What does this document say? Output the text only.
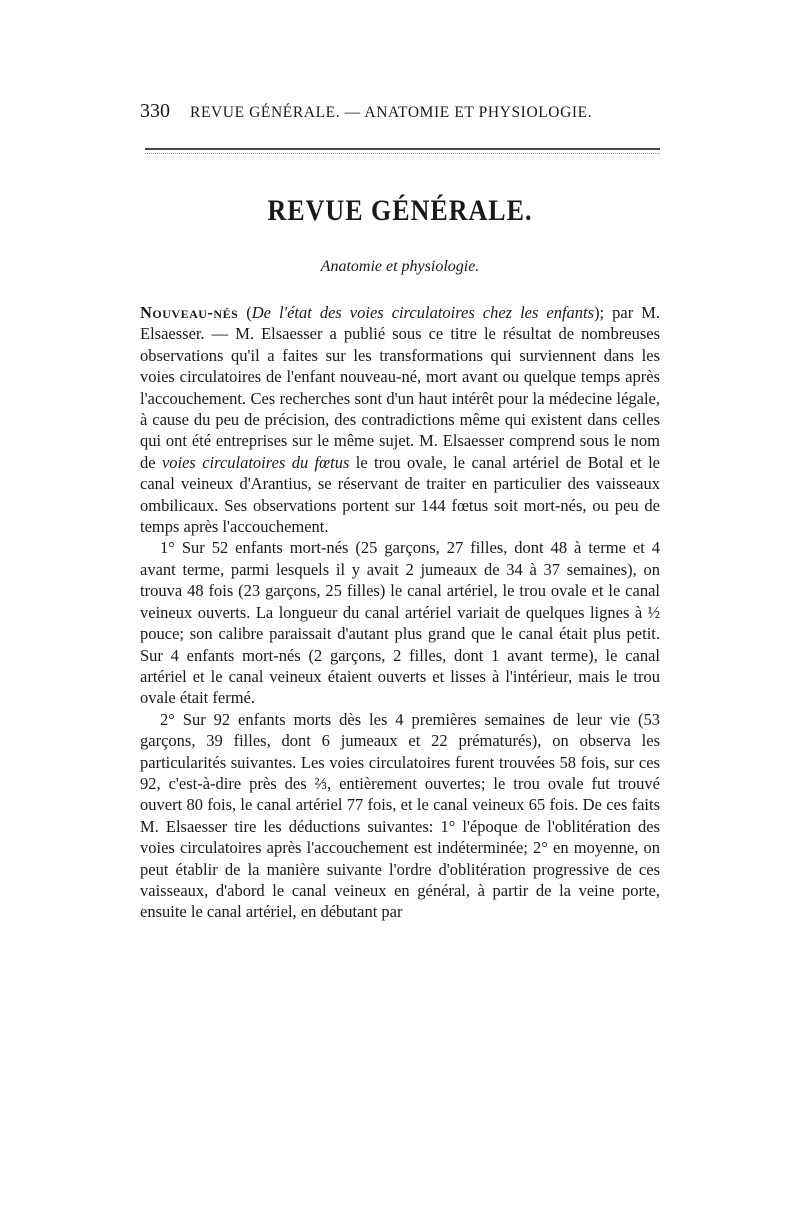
330 REVUE GÉNÉRALE. — ANATOMIE ET PHYSIOLOGIE.
REVUE GÉNÉRALE.
Anatomie et physiologie.

Nouveau-nés (De l'état des voies circulatoires chez les enfants); par M. Elsaesser. — M. Elsaesser a publié sous ce titre le résultat de nombreuses observations qu'il a faites sur les transformations qui surviennent dans les voies circulatoires de l'enfant nouveau-né, mort avant ou quelque temps après l'accouchement. Ces recherches sont d'un haut intérêt pour la médecine légale, à cause du peu de précision, des contradictions même qui existent dans celles qui ont été entreprises sur le même sujet. M. Elsaesser comprend sous le nom de voies circulatoires du fœtus le trou ovale, le canal artériel de Botal et le canal veineux d'Arantius, se réservant de traiter en particulier des vaisseaux ombilicaux. Ses observations portent sur 144 fœtus soit mort-nés, ou peu de temps après l'accouchement.

1° Sur 52 enfants mort-nés (25 garçons, 27 filles, dont 48 à terme et 4 avant terme, parmi lesquels il y avait 2 jumeaux de 34 à 37 semaines), on trouva 48 fois (23 garçons, 25 filles) le canal artériel, le trou ovale et le canal veineux ouverts. La longueur du canal artériel variait de quelques lignes à ½ pouce; son calibre paraissait d'autant plus grand que le canal était plus petit. Sur 4 enfants mort-nés (2 garçons, 2 filles, dont 1 avant terme), le canal artériel et le canal veineux étaient ouverts et lisses à l'intérieur, mais le trou ovale était fermé.

2° Sur 92 enfants morts dès les 4 premières semaines de leur vie (53 garçons, 39 filles, dont 6 jumeaux et 22 prématurés), on observa les particularités suivantes. Les voies circulatoires furent trouvées 58 fois, sur ces 92, c'est-à-dire près des ⅔, entièrement ouvertes; le trou ovale fut trouvé ouvert 80 fois, le canal artériel 77 fois, et le canal veineux 65 fois. De ces faits M. Elsaesser tire les déductions suivantes: 1° l'époque de l'oblitération des voies circulatoires après l'accouchement est indéterminée; 2° en moyenne, on peut établir de la manière suivante l'ordre d'oblitération progressive de ces vaisseaux, d'abord le canal veineux en général, à partir de la veine porte, ensuite le canal artériel, en débutant par
